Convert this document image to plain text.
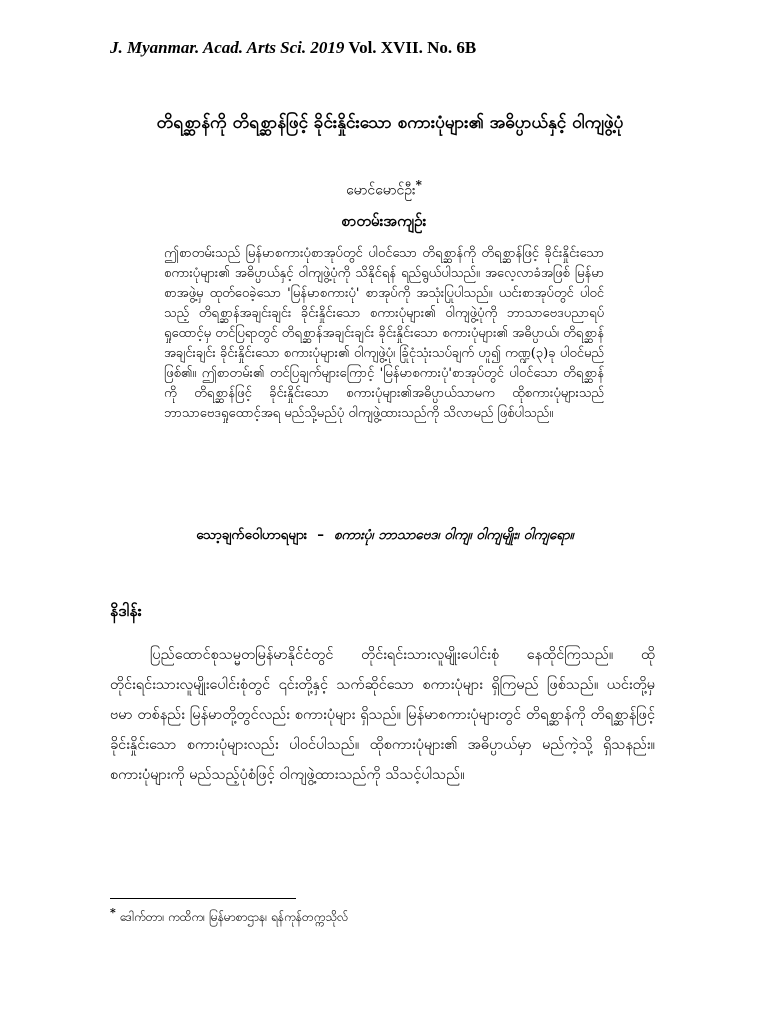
J. Myanmar. Acad. Arts Sci. 2019 Vol. XVII. No. 6B
တိရစ္ဆာန်ကို တိရစ္ဆာန်ဖြင့် ခိုင်းနှိုင်းသော စကားပုံများ၏ အဓိပ္ပာယ်နှင့် ဝါကျဖွဲ့ပုံ
မောင်မောင်ဦး*
စာတမ်းအကျဉ်း
ဤစာတမ်းသည် မြန်မာစကားပုံစာအုပ်တွင် ပါဝင်သော တိရစ္ဆာန်ကို တိရစ္ဆာန်ဖြင့် ခိုင်းနှိုင်းသော စကားပုံများ၏ အဓိပ္ပာယ်နှင့် ဝါကျဖွဲ့ပုံကို သိနိုင်ရန် ရည်ရွယ်ပါသည်။ အလေ့လာခံအဖြစ် မြန်မာစာအဖွဲ့မှ ထုတ်ဝေခဲ့သော 'မြန်မာစကားပုံ' စာအုပ်ကို အသုံးပြုပါသည်။ ယင်းစာအုပ်တွင် ပါဝင်သည့် တိရစ္ဆာန်အချင်းချင်း ခိုင်းနှိုင်းသော စကားပုံများ၏ ဝါကျဖွဲ့ပုံကို ဘာသာဗေဒပညာရပ်ရှုထောင့်မှ တင်ပြရာတွင် တိရစ္ဆာန်အချင်းချင်း ခိုင်းနှိုင်းသော စကားပုံများ၏ အဓိပ္ပာယ်၊ တိရစ္ဆာန်အချင်းချင်း ခိုင်းနှိုင်းသော စကားပုံများ၏ ဝါကျဖွဲ့ပုံ၊ ခြုံငုံသုံးသပ်ချက် ဟူ၍ ကဏ္ဍ(၃)ခု ပါဝင်မည် ဖြစ်၏။ ဤစာတမ်း၏ တင်ပြချက်များကြောင့် 'မြန်မာစကားပုံ'စာအုပ်တွင် ပါဝင်သော တိရစ္ဆာန်ကို တိရစ္ဆာန်ဖြင့် ခိုင်းနှိုင်းသော စကားပုံများ၏အဓိပ္ပာယ်သာမက ထိုစကားပုံများသည် ဘာသာဗေဒရှုထောင့်အရ မည်သို့မည်ပုံ ဝါကျဖွဲ့ထားသည်ကို သိလာမည် ဖြစ်ပါသည်။
သော့ချက်ဝေါဟာရများ – စကားပုံ၊ ဘာသာဗေဒ၊ ဝါကျ၊ ဝါကျမျိုး၊ ဝါကျရော။
နိဒါန်း
ပြည်ထောင်စုသမ္မတမြန်မာနိုင်ငံတွင် တိုင်းရင်းသားလူမျိုးပေါင်းစုံ နေထိုင်ကြသည်။ ထိုတိုင်းရင်းသားလူမျိုးပေါင်းစုံတွင် ၎င်းတို့နှင့် သက်ဆိုင်သော စကားပုံများ ရှိကြမည် ဖြစ်သည်။ ယင်းတို့မှ ဗမာ တစ်နည်း မြန်မာတို့တွင်လည်း စကားပုံများ ရှိသည်။ မြန်မာစကားပုံများတွင် တိရစ္ဆာန်ကို တိရစ္ဆာန်ဖြင့် ခိုင်းနှိုင်းသော စကားပုံများလည်း ပါဝင်ပါသည်။ ထိုစကားပုံများ၏ အဓိပ္ပာယ်မှာ မည်ကဲ့သို့ ရှိသနည်း။ စကားပုံများကို မည်သည့်ပုံစံဖြင့် ဝါကျဖွဲ့ထားသည်ကို သိသင့်ပါသည်။
* ဒေါက်တာ၊ ကထိက၊ မြန်မာစာဌာန၊ ရန်ကုန်တက္ကသိုလ်
